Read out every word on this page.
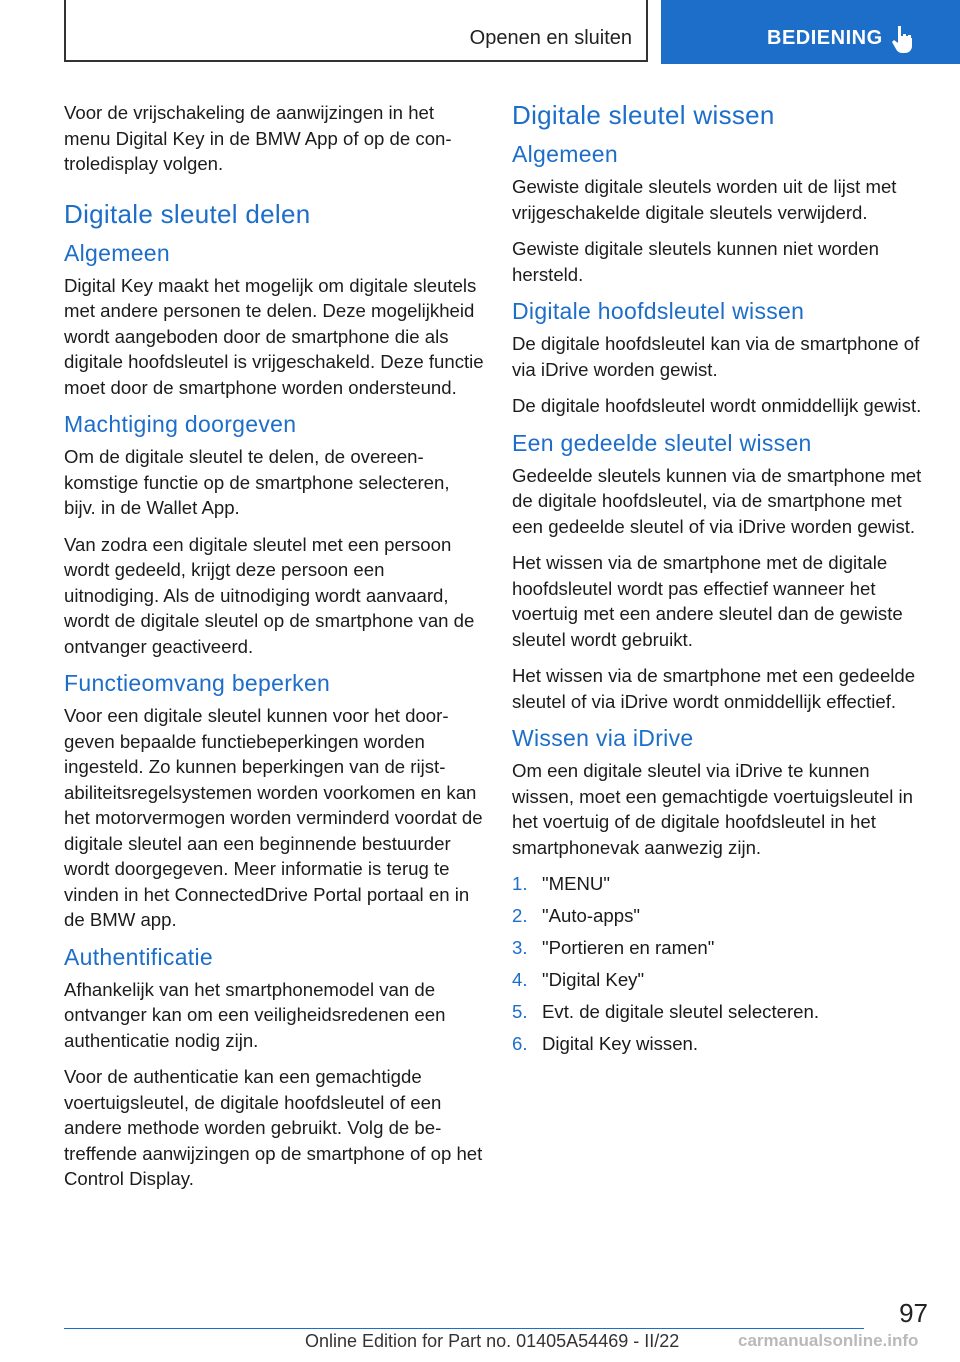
Openen en sluiten	BEDIENING

Voor de vrijschakeling de aanwijzingen in het menu Digital Key in de BMW App of op de controledisplay volgen.

Digitale sleutel delen
Algemeen

Digital Key maakt het mogelijk om digitale sleutels met andere personen te delen. Deze mogelijkheid wordt aangeboden door de smartphone die als digitale hoofdsleutel is vrijgeschakeld. Deze functie moet door de smartphone worden ondersteund.

Machtiging doorgeven

Om de digitale sleutel te delen, de overeenkomstige functie op de smartphone selecteren, bijv. in de Wallet App.

Van zodra een digitale sleutel met een persoon wordt gedeeld, krijgt deze persoon een uitnodiging. Als de uitnodiging wordt aanvaard, wordt de digitale sleutel op de smartphone van de ontvanger geactiveerd.

Functieomvang beperken

Voor een digitale sleutel kunnen voor het doorgeven bepaalde functiebeperkingen worden ingesteld. Zo kunnen beperkingen van de rijstabiliteitsregelsystemen worden voorkomen en kan het motorvermogen worden verminderd voordat de digitale sleutel aan een beginnende bestuurder wordt doorgegeven. Meer informatie is terug te vinden in het ConnectedDrive Portal portaal en in de BMW app.

Authentificatie

Afhankelijk van het smartphonemodel van de ontvanger kan om een veiligheidsredenen een authenticatie nodig zijn.

Voor de authenticatie kan een gemachtigde voertuigsleutel, de digitale hoofdsleutel of een andere methode worden gebruikt. Volg de betreffende aanwijzingen op de smartphone of op het Control Display.

Digitale sleutel wissen
Algemeen

Gewiste digitale sleutels worden uit de lijst met vrijgeschakelde digitale sleutels verwijderd.

Gewiste digitale sleutels kunnen niet worden hersteld.

Digitale hoofdsleutel wissen

De digitale hoofdsleutel kan via de smartphone of via iDrive worden gewist.

De digitale hoofdsleutel wordt onmiddellijk gewist.

Een gedeelde sleutel wissen

Gedeelde sleutels kunnen via de smartphone met de digitale hoofdsleutel, via de smartphone met een gedeelde sleutel of via iDrive worden gewist.

Het wissen via de smartphone met de digitale hoofdsleutel wordt pas effectief wanneer het voertuig met een andere sleutel dan de gewiste sleutel wordt gebruikt.

Het wissen via de smartphone met een gedeelde sleutel of via iDrive wordt onmiddellijk effectief.

Wissen via iDrive

Om een digitale sleutel via iDrive te kunnen wissen, moet een gemachtigde voertuigsleutel in het voertuig of de digitale hoofdsleutel in het smartphonevak aanwezig zijn.

1. "MENU"
2. "Auto-apps"
3. "Portieren en ramen"
4. "Digital Key"
5. Evt. de digitale sleutel selecteren.
6. Digital Key wissen.
97
Online Edition for Part no. 01405A54469 - II/22	carmanualsonline.info
